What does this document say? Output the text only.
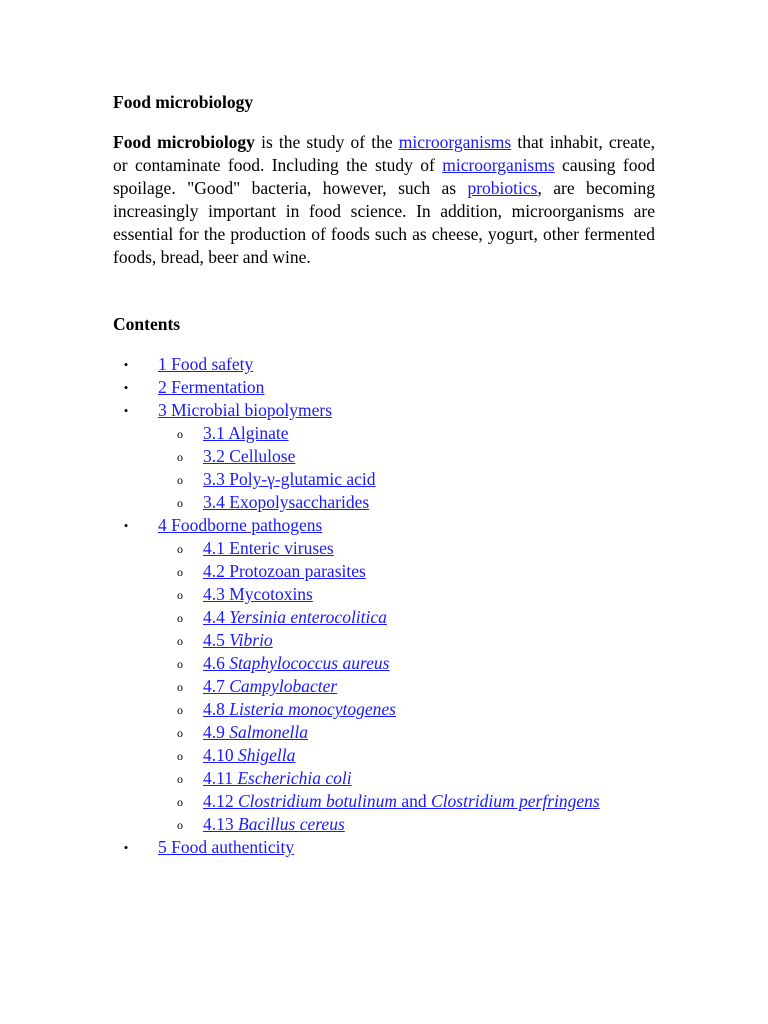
Food microbiology

Food microbiology is the study of the microorganisms that inhabit, create, or contaminate food. Including the study of microorganisms causing food spoilage. "Good" bacteria, however, such as probiotics, are becoming increasingly important in food science. In addition, microorganisms are essential for the production of foods such as cheese, yogurt, other fermented foods, bread, beer and wine.

Contents

• 1 Food safety
• 2 Fermentation
• 3 Microbial biopolymers
o 3.1 Alginate
o 3.2 Cellulose
o 3.3 Poly-γ-glutamic acid
o 3.4 Exopolysaccharides
• 4 Foodborne pathogens
o 4.1 Enteric viruses
o 4.2 Protozoan parasites
o 4.3 Mycotoxins
o 4.4 Yersinia enterocolitica
o 4.5 Vibrio
o 4.6 Staphylococcus aureus
o 4.7 Campylobacter
o 4.8 Listeria monocytogenes
o 4.9 Salmonella
o 4.10 Shigella
o 4.11 Escherichia coli
o 4.12 Clostridium botulinum and Clostridium perfringens
o 4.13 Bacillus cereus
• 5 Food authenticity
